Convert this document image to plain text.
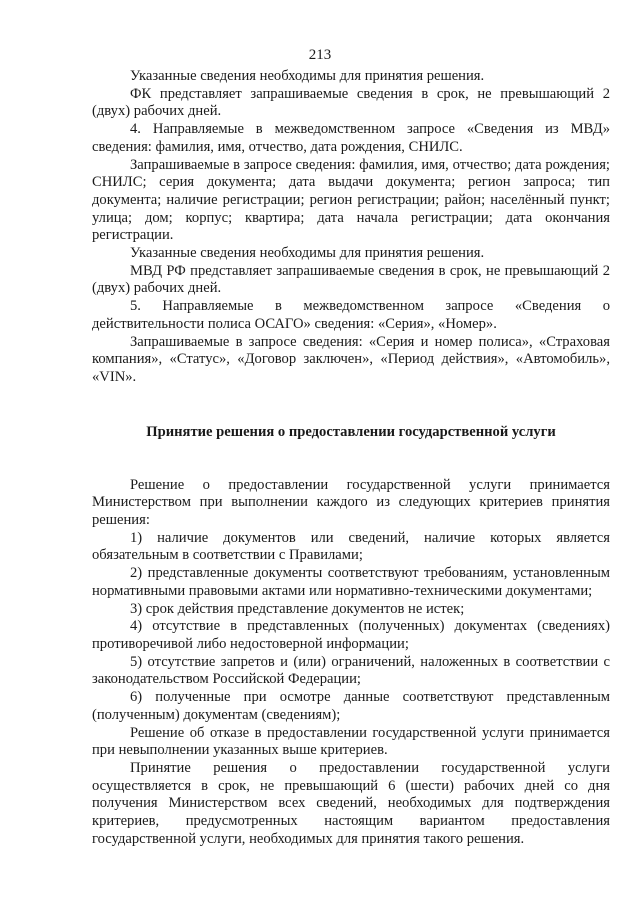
213

Указанные сведения необходимы для принятия решения.

ФК представляет запрашиваемые сведения в срок, не превышающий 2 (двух) рабочих дней.

4. Направляемые в межведомственном запросе «Сведения из МВД» сведения: фамилия, имя, отчество, дата рождения, СНИЛС.

Запрашиваемые в запросе сведения: фамилия, имя, отчество; дата рождения; СНИЛС; серия документа; дата выдачи документа; регион запроса; тип документа; наличие регистрации; регион регистрации; район; населённый пункт; улица; дом; корпус; квартира; дата начала регистрации; дата окончания регистрации.

Указанные сведения необходимы для принятия решения.

МВД РФ представляет запрашиваемые сведения в срок, не превышающий 2 (двух) рабочих дней.

5. Направляемые в межведомственном запросе «Сведения о действительности полиса ОСАГО» сведения: «Серия», «Номер».

Запрашиваемые в запросе сведения: «Серия и номер полиса», «Страховая компания», «Статус», «Договор заключен», «Период действия», «Автомобиль», «VIN».

Принятие решения о предоставлении государственной услуги

Решение о предоставлении государственной услуги принимается Министерством при выполнении каждого из следующих критериев принятия решения:

1) наличие документов или сведений, наличие которых является обязательным в соответствии с Правилами;

2) представленные документы соответствуют требованиям, установленным нормативными правовыми актами или нормативно-техническими документами;

3) срок действия представление документов не истек;

4) отсутствие в представленных (полученных) документах (сведениях) противоречивой либо недостоверной информации;

5) отсутствие запретов и (или) ограничений, наложенных в соответствии с законодательством Российской Федерации;

6) полученные при осмотре данные соответствуют представленным (полученным) документам (сведениям);

Решение об отказе в предоставлении государственной услуги принимается при невыполнении указанных выше критериев.

Принятие решения о предоставлении государственной услуги осуществляется в срок, не превышающий 6 (шести) рабочих дней со дня получения Министерством всех сведений, необходимых для подтверждения критериев, предусмотренных настоящим вариантом предоставления государственной услуги, необходимых для принятия такого решения.
